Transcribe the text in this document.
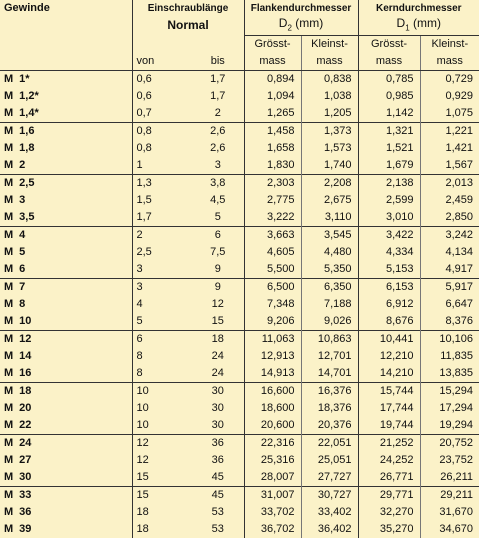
Gewinde	Einschraublänge		Flankendurchmesser		Kerndurchmesser	
	Normal		$D_2$ (mm)		$D_1$ (mm)	
			Grösst-	Kleinst-	Grösst-	Kleinst-
	von	bis	mass	mass	mass	mass
M 1*	0,6	1,7	0,894	0,838	0,785	0,729
M 1,2*	0,6	1,7	1,094	1,038	0,985	0,929
M 1,4*	0,7	2	1,265	1,205	1,142	1,075
M 1,6	0,8	2,6	1,458	1,373	1,321	1,221
M 1,8	0,8	2,6	1,658	1,573	1,521	1,421
M 2	1	3	1,830	1,740	1,679	1,567
M 2,5	1,3	3,8	2,303	2,208	2,138	2,013
M 3	1,5	4,5	2,775	2,675	2,599	2,459
M 3,5	1,7	5	3,222	3,110	3,010	2,850
M 4	2	6	3,663	3,545	3,422	3,242
M 5	2,5	7,5	4,605	4,480	4,334	4,134
M 6	3	9	5,500	5,350	5,153	4,917
M 7	3	9	6,500	6,350	6,153	5,917
M 8	4	12	7,348	7,188	6,912	6,647
M 10	5	15	9,206	9,026	8,676	8,376
M 12	6	18	11,063	10,863	10,441	10,106
M 14	8	24	12,913	12,701	12,210	11,835
M 16	8	24	14,913	14,701	14,210	13,835
M 18	10	30	16,600	16,376	15,744	15,294
M 20	10	30	18,600	18,376	17,744	17,294
M 22	10	30	20,600	20,376	19,744	19,294
M 24	12	36	22,316	22,051	21,252	20,752
M 27	12	36	25,316	25,051	24,252	23,752
M 30	15	45	28,007	27,727	26,771	26,211
M 33	15	45	31,007	30,727	29,771	29,211
M 36	18	53	33,702	33,402	32,270	31,670
M 39	18	53	36,702	36,402	35,270	34,670
